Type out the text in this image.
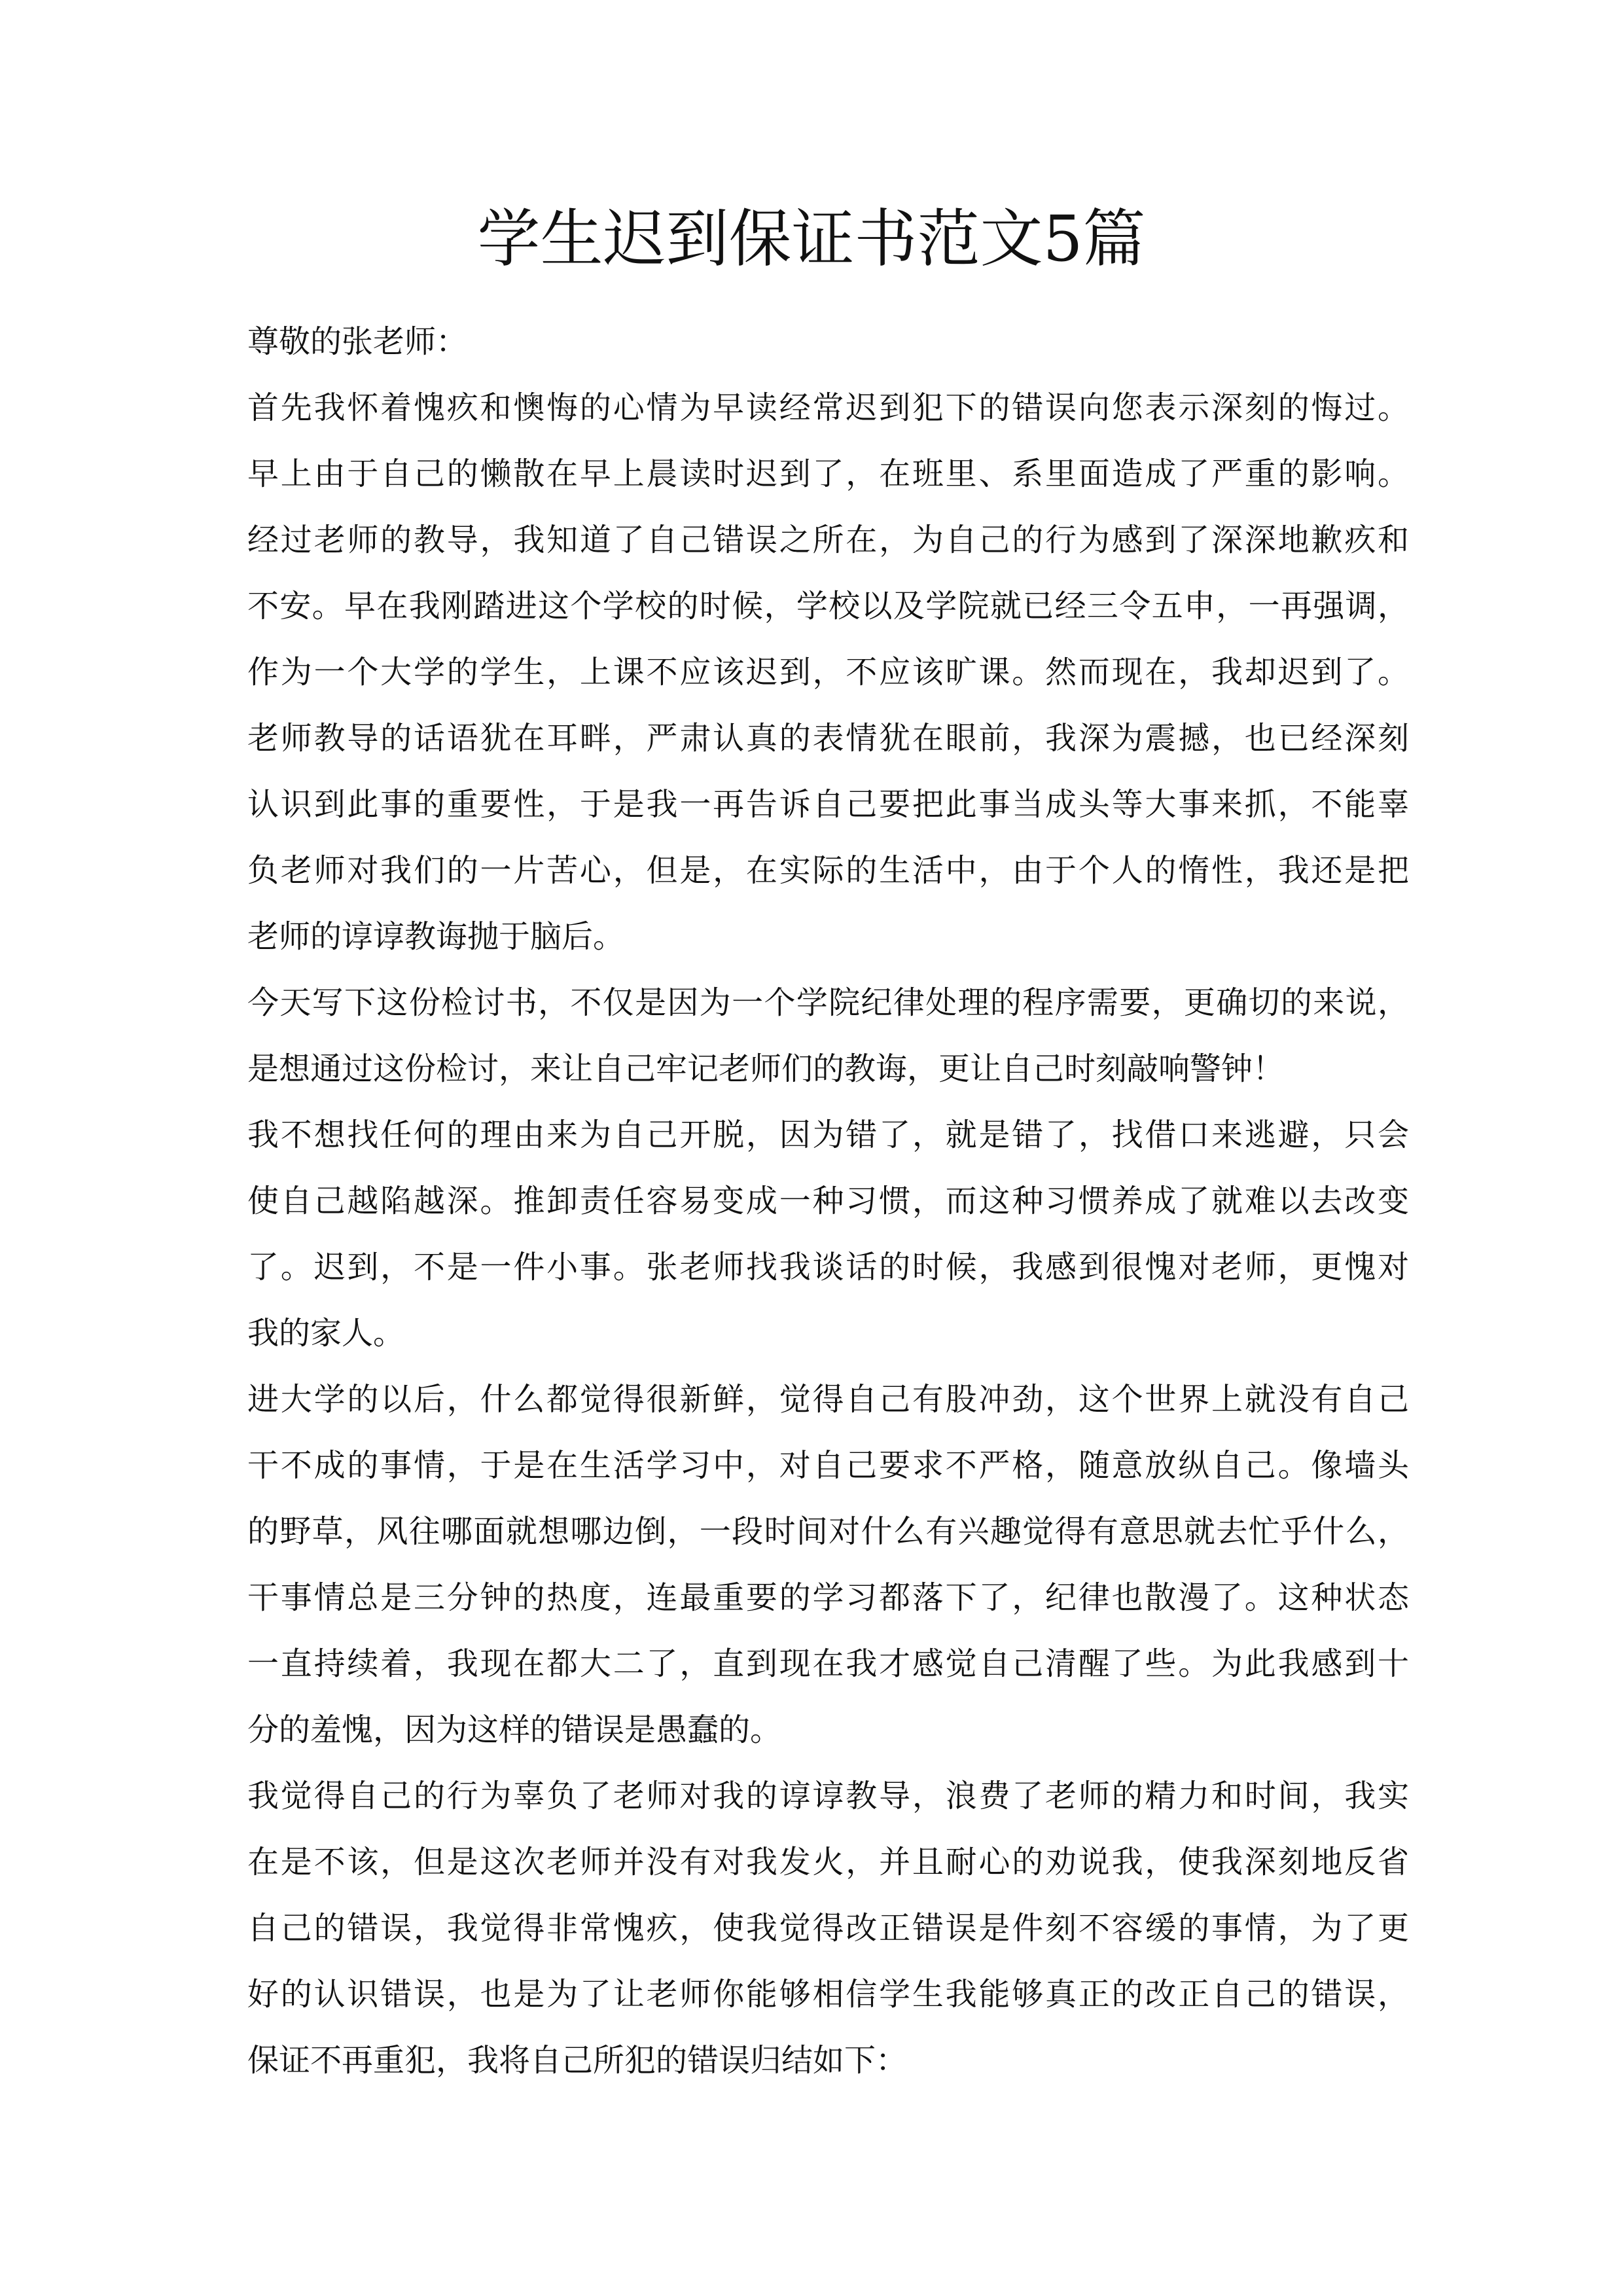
学生迟到保证书范文5篇
尊敬的张老师：
首先我怀着愧疚和懊悔的心情为早读经常迟到犯下的错误向您表示深刻的悔过。
早上由于自己的懒散在早上晨读时迟到了，在班里、系里面造成了严重的影响。
经过老师的教导，我知道了自己错误之所在，为自己的行为感到了深深地歉疚和
不安。早在我刚踏进这个学校的时候，学校以及学院就已经三令五申，一再强调，
作为一个大学的学生，上课不应该迟到，不应该旷课。然而现在，我却迟到了。
老师教导的话语犹在耳畔，严肃认真的表情犹在眼前，我深为震撼，也已经深刻
认识到此事的重要性，于是我一再告诉自己要把此事当成头等大事来抓，不能辜
负老师对我们的一片苦心，但是，在实际的生活中，由于个人的惰性，我还是把
老师的谆谆教诲抛于脑后。
今天写下这份检讨书，不仅是因为一个学院纪律处理的程序需要，更确切的来说，
是想通过这份检讨，来让自己牢记老师们的教诲，更让自己时刻敲响警钟！
我不想找任何的理由来为自己开脱，因为错了，就是错了，找借口来逃避，只会
使自己越陷越深。推卸责任容易变成一种习惯，而这种习惯养成了就难以去改变
了。迟到，不是一件小事。张老师找我谈话的时候，我感到很愧对老师，更愧对
我的家人。
进大学的以后，什么都觉得很新鲜，觉得自己有股冲劲，这个世界上就没有自己
干不成的事情，于是在生活学习中，对自己要求不严格，随意放纵自己。像墙头
的野草，风往哪面就想哪边倒，一段时间对什么有兴趣觉得有意思就去忙乎什么，
干事情总是三分钟的热度，连最重要的学习都落下了，纪律也散漫了。这种状态
一直持续着，我现在都大二了，直到现在我才感觉自己清醒了些。为此我感到十
分的羞愧，因为这样的错误是愚蠢的。
我觉得自己的行为辜负了老师对我的谆谆教导，浪费了老师的精力和时间，我实
在是不该，但是这次老师并没有对我发火，并且耐心的劝说我，使我深刻地反省
自己的错误，我觉得非常愧疚，使我觉得改正错误是件刻不容缓的事情，为了更
好的认识错误，也是为了让老师你能够相信学生我能够真正的改正自己的错误，
保证不再重犯，我将自己所犯的错误归结如下：
